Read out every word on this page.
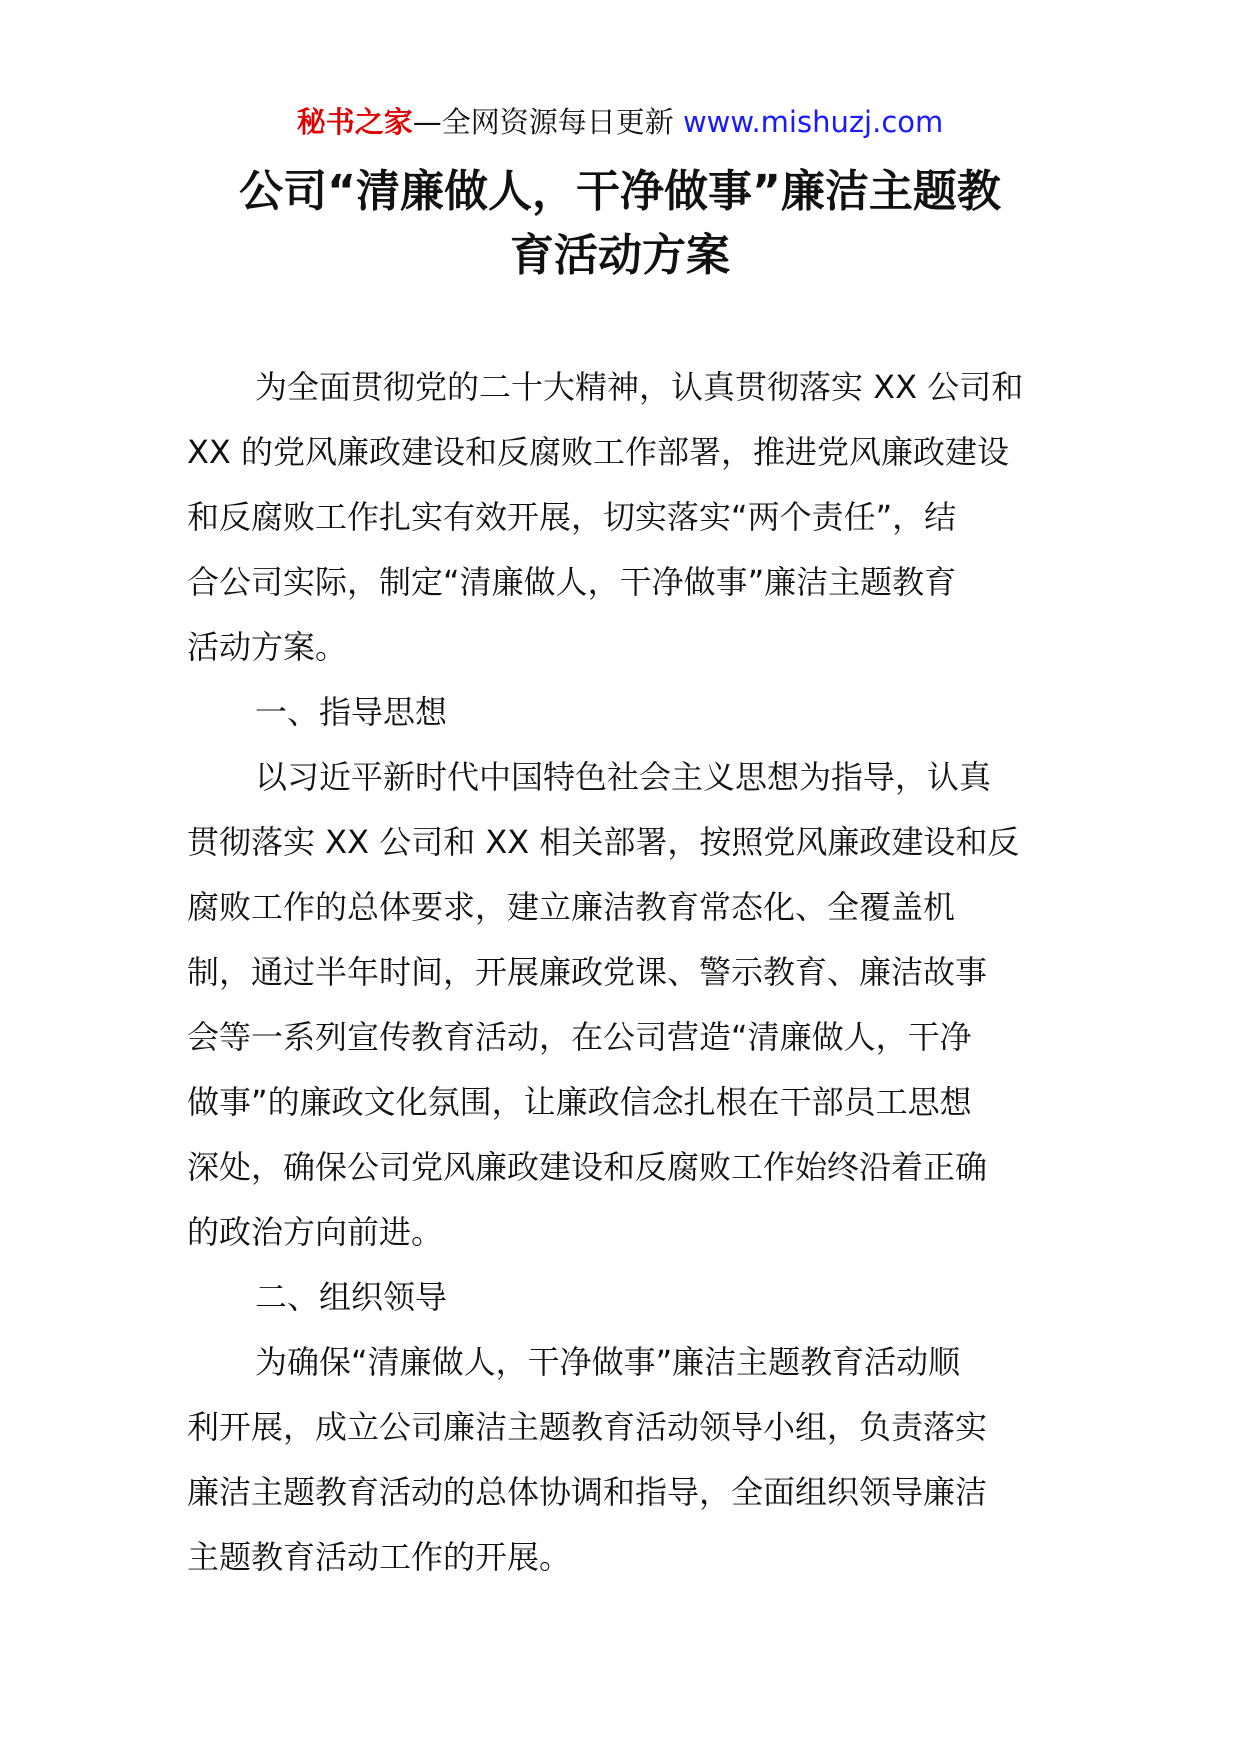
秘书之家—全网资源每日更新 www.mishuzj.com
公司“清廉做人，干净做事”廉洁主题教
育活动方案
为全面贯彻党的二十大精神，认真贯彻落实 XX 公司和
XX 的党风廉政建设和反腐败工作部署，推进党风廉政建设
和反腐败工作扎实有效开展，切实落实“两个责任”，结
合公司实际，制定“清廉做人，干净做事”廉洁主题教育
活动方案。
一、指导思想
以习近平新时代中国特色社会主义思想为指导，认真
贯彻落实 XX 公司和 XX 相关部署，按照党风廉政建设和反
腐败工作的总体要求，建立廉洁教育常态化、全覆盖机
制，通过半年时间，开展廉政党课、警示教育、廉洁故事
会等一系列宣传教育活动，在公司营造“清廉做人，干净
做事”的廉政文化氛围，让廉政信念扎根在干部员工思想
深处，确保公司党风廉政建设和反腐败工作始终沿着正确
的政治方向前进。
二、组织领导
为确保“清廉做人，干净做事”廉洁主题教育活动顺
利开展，成立公司廉洁主题教育活动领导小组，负责落实
廉洁主题教育活动的总体协调和指导，全面组织领导廉洁
主题教育活动工作的开展。
